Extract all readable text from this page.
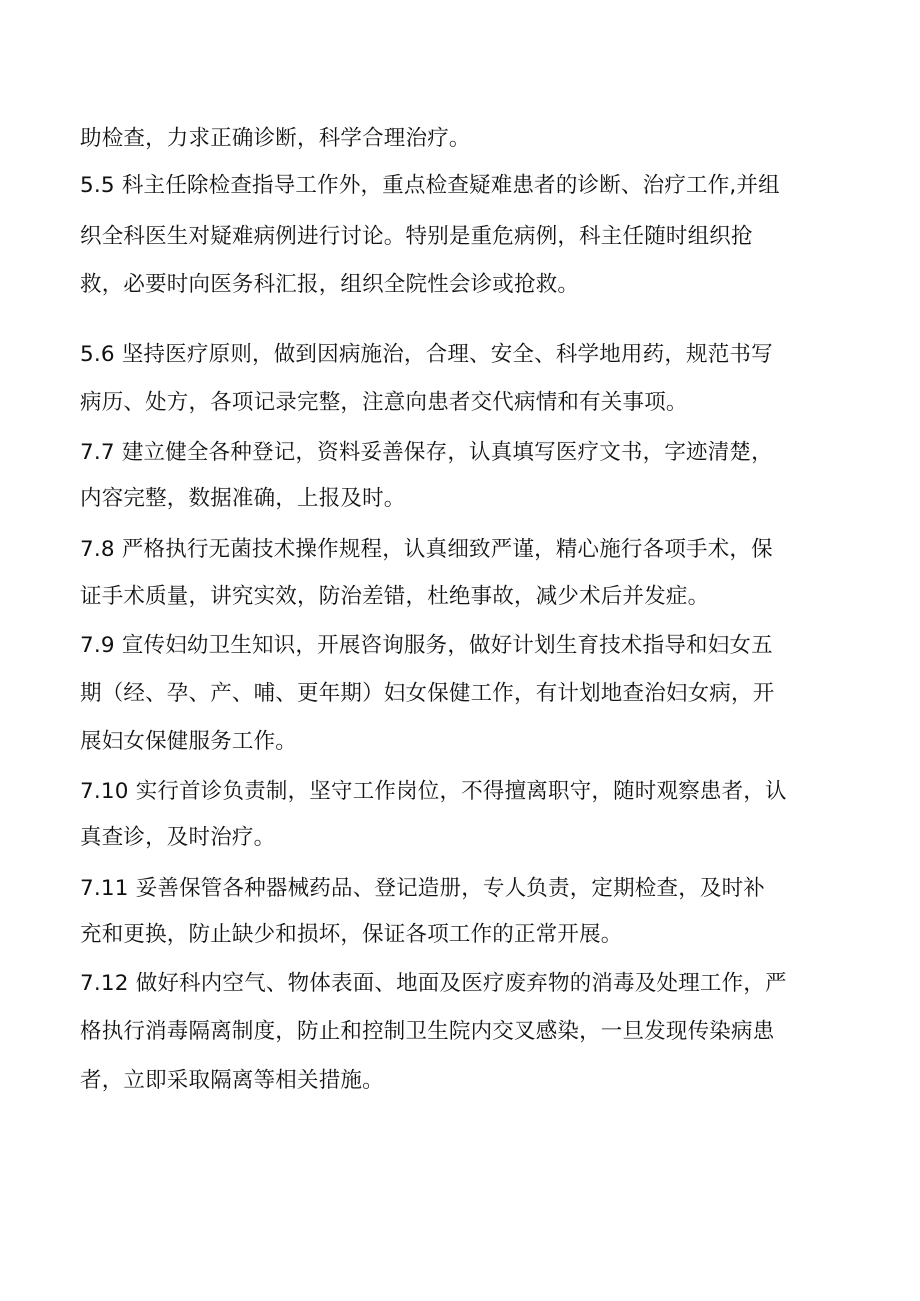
助检查，力求正确诊断，科学合理治疗。
5.5 科主任除检查指导工作外，重点检查疑难患者的诊断、治疗工作,并组
织全科医生对疑难病例进行讨论。特别是重危病例，科主任随时组织抢
救，必要时向医务科汇报，组织全院性会诊或抢救。
5.6 坚持医疗原则，做到因病施治，合理、安全、科学地用药，规范书写
病历、处方，各项记录完整，注意向患者交代病情和有关事项。
7.7 建立健全各种登记，资料妥善保存，认真填写医疗文书，字迹清楚，
内容完整，数据准确，上报及时。
7.8 严格执行无菌技术操作规程，认真细致严谨，精心施行各项手术，保
证手术质量，讲究实效，防治差错，杜绝事故，减少术后并发症。
7.9 宣传妇幼卫生知识，开展咨询服务，做好计划生育技术指导和妇女五
期（经、孕、产、哺、更年期）妇女保健工作，有计划地查治妇女病，开
展妇女保健服务工作。
7.10 实行首诊负责制，坚守工作岗位，不得擅离职守，随时观察患者，认
真查诊，及时治疗。
7.11 妥善保管各种器械药品、登记造册，专人负责，定期检查，及时补
充和更换，防止缺少和损坏，保证各项工作的正常开展。
7.12 做好科内空气、物体表面、地面及医疗废弃物的消毒及处理工作，严
格执行消毒隔离制度，防止和控制卫生院内交叉感染，一旦发现传染病患
者，立即采取隔离等相关措施。
